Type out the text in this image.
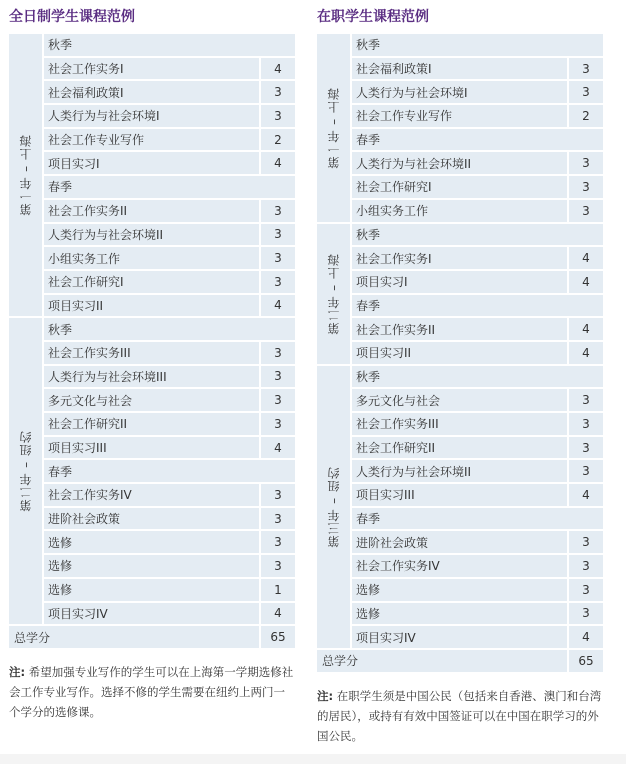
全日制学生课程范例
第一年 – 上海
秋季
社会工作实务I	4
社会福利政策I	3
人类行为与社会环境I	3
社会工作专业写作	2
项目实习I	4
春季
社会工作实务II	3
人类行为与社会环境II	3
小组实务工作	3
社会工作研究I	3
项目实习II	4
第二年 – 纽约
秋季
社会工作实务III	3
人类行为与社会环境III	3
多元文化与社会	3
社会工作研究II	3
项目实习III	4
春季
社会工作实务IV	3
进阶社会政策	3
选修	3
选修	3
选修	1
项目实习IV	4
总学分	65
注: 希望加强专业写作的学生可以在上海第一学期选修社会工作专业写作。选择不修的学生需要在纽约上两门一个学分的选修课。
在职学生课程范例
第一年 – 上海
秋季
社会福利政策I	3
人类行为与社会环境I	3
社会工作专业写作	2
春季
人类行为与社会环境II	3
社会工作研究I	3
小组实务工作	3
第二年 – 上海
秋季
社会工作实务I	4
项目实习I	4
春季
社会工作实务II	4
项目实习II	4
第三年 – 纽约
秋季
多元文化与社会	3
社会工作实务III	3
社会工作研究II	3
人类行为与社会环境II	3
项目实习III	4
春季
进阶社会政策	3
社会工作实务IV	3
选修	3
选修	3
项目实习IV	4
总学分	65
注: 在职学生须是中国公民（包括来自香港、澳门和台湾的居民），或持有有效中国签证可以在中国在职学习的外国公民。
